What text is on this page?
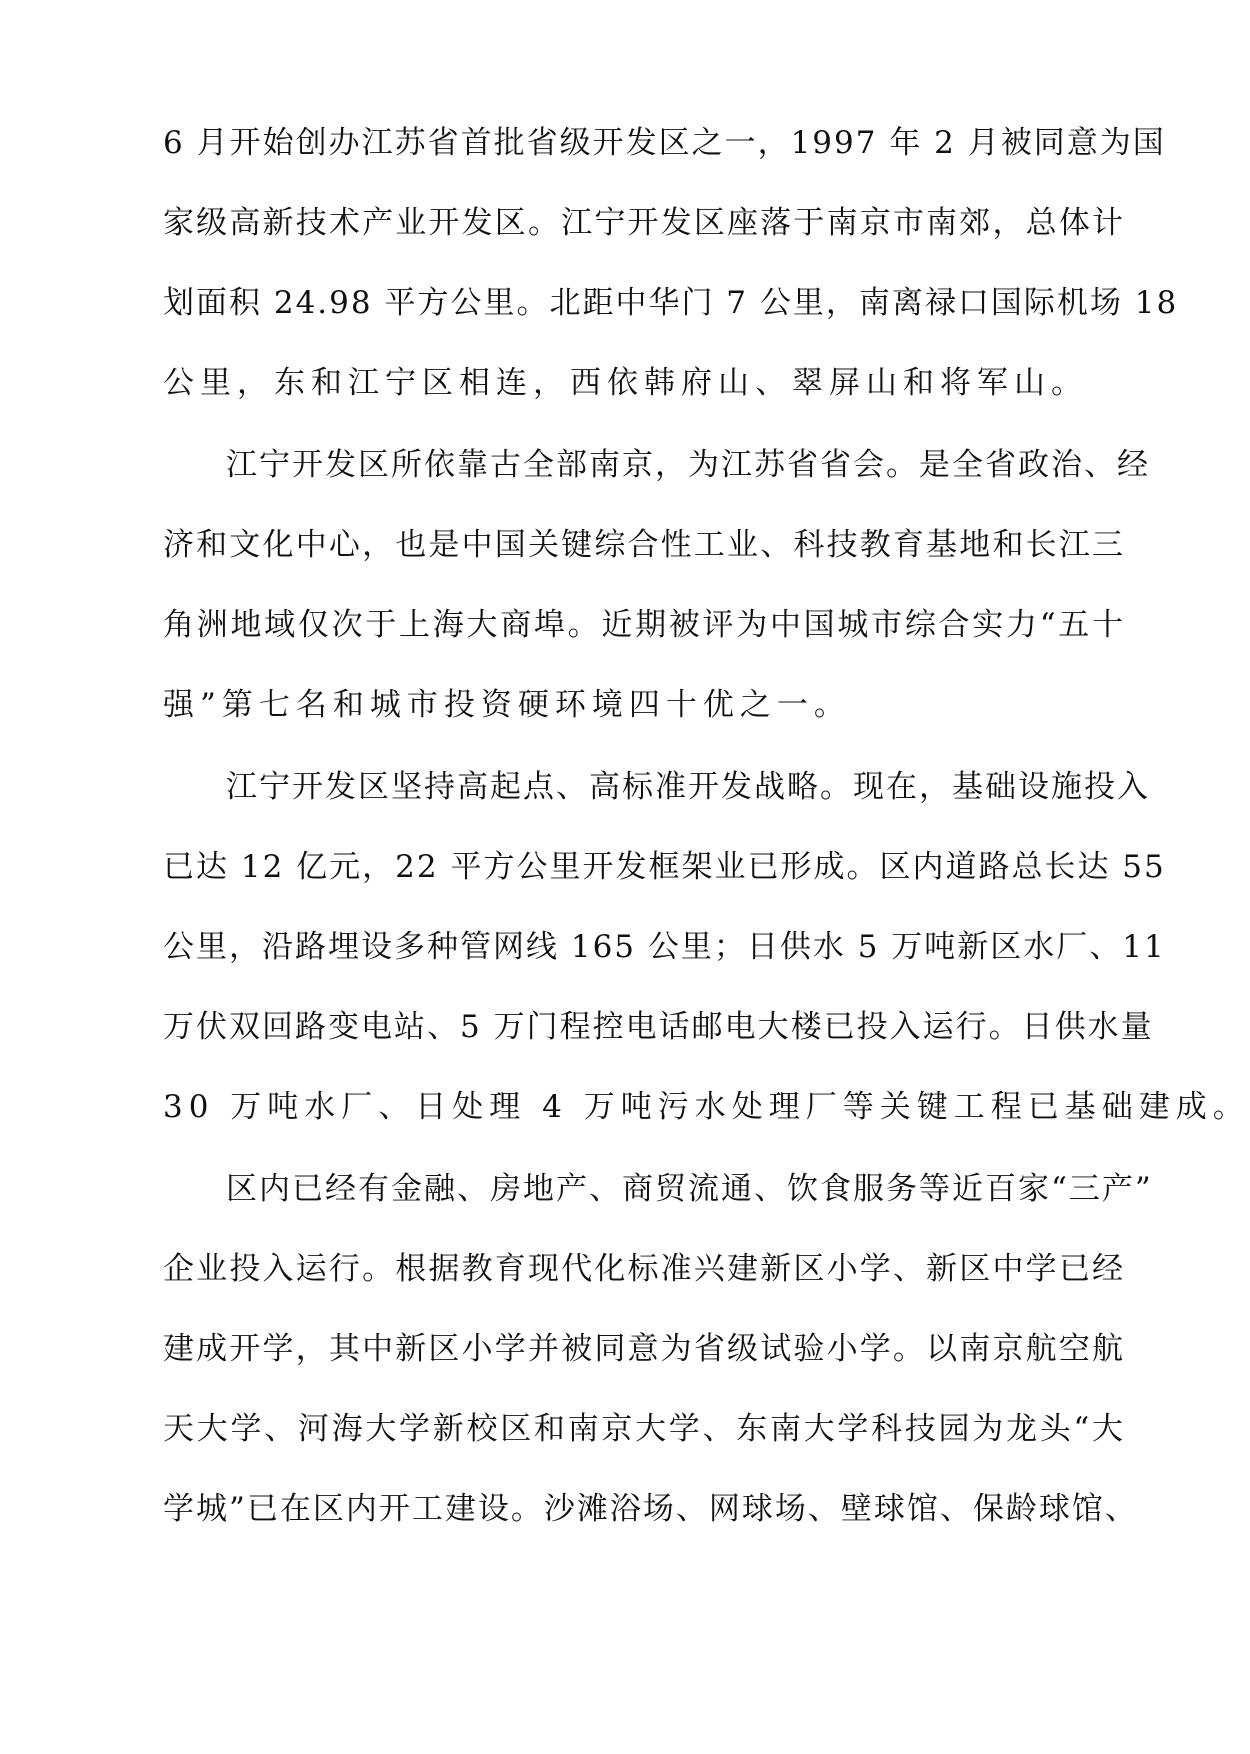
6 月开始创办江苏省首批省级开发区之一，1997 年 2 月被同意为国
家级高新技术产业开发区。江宁开发区座落于南京市南郊，总体计
划面积 24.98 平方公里。北距中华门 7 公里，南离禄口国际机场 18
公里，东和江宁区相连，西依韩府山、翠屏山和将军山。
江宁开发区所依靠古全部南京，为江苏省省会。是全省政治、经
济和文化中心，也是中国关键综合性工业、科技教育基地和长江三
角洲地域仅次于上海大商埠。近期被评为中国城市综合实力“五十
强”第七名和城市投资硬环境四十优之一。
江宁开发区坚持高起点、高标准开发战略。现在，基础设施投入
已达 12 亿元，22 平方公里开发框架业已形成。区内道路总长达 55
公里，沿路埋设多种管网线 165 公里；日供水 5 万吨新区水厂、11
万伏双回路变电站、5 万门程控电话邮电大楼已投入运行。日供水量
30 万吨水厂、日处理 4 万吨污水处理厂等关键工程已基础建成。
区内已经有金融、房地产、商贸流通、饮食服务等近百家“三产”
企业投入运行。根据教育现代化标准兴建新区小学、新区中学已经
建成开学，其中新区小学并被同意为省级试验小学。以南京航空航
天大学、河海大学新校区和南京大学、东南大学科技园为龙头“大
学城”已在区内开工建设。沙滩浴场、网球场、壁球馆、保龄球馆、
